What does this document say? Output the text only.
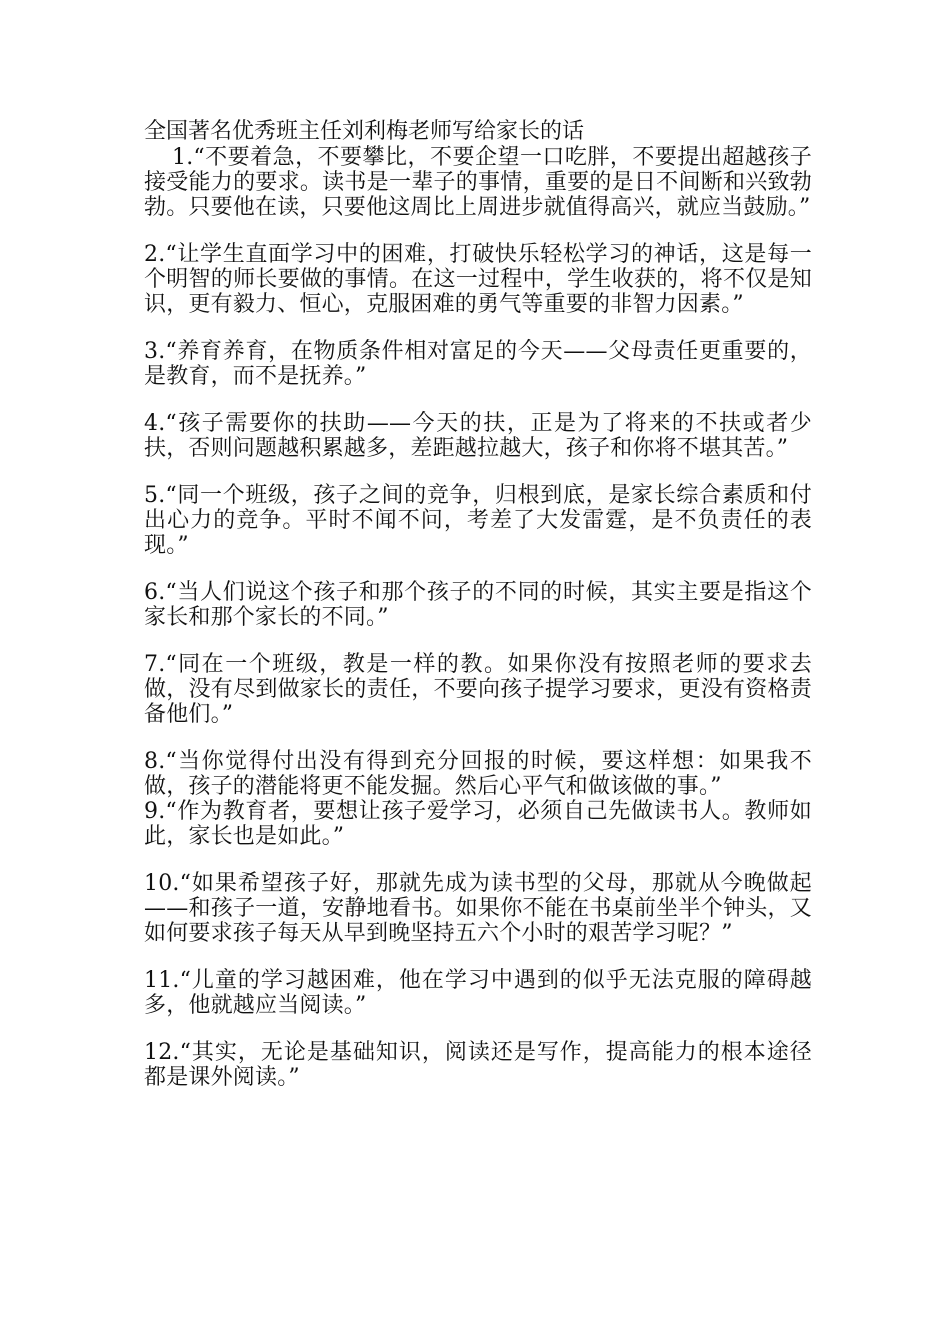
全国著名优秀班主任刘利梅老师写给家长的话

1.“不要着急，不要攀比，不要企望一口吃胖，不要提出超越孩子接受能力的要求。读书是一辈子的事情，重要的是日不间断和兴致勃勃。只要他在读，只要他这周比上周进步就值得高兴，就应当鼓励。”

2.“让学生直面学习中的困难，打破快乐轻松学习的神话，这是每一个明智的师长要做的事情。在这一过程中，学生收获的，将不仅是知识，更有毅力、恒心，克服困难的勇气等重要的非智力因素。”

3.“养育养育，在物质条件相对富足的今天——父母责任更重要的，是教育，而不是抚养。”

4.“孩子需要你的扶助——今天的扶，正是为了将来的不扶或者少扶，否则问题越积累越多，差距越拉越大，孩子和你将不堪其苦。”

5.“同一个班级，孩子之间的竞争，归根到底，是家长综合素质和付出心力的竞争。平时不闻不问，考差了大发雷霆，是不负责任的表现。”

6.“当人们说这个孩子和那个孩子的不同的时候，其实主要是指这个家长和那个家长的不同。”

7.“同在一个班级，教是一样的教。如果你没有按照老师的要求去做，没有尽到做家长的责任，不要向孩子提学习要求，更没有资格责备他们。”

8.“当你觉得付出没有得到充分回报的时候，要这样想：如果我不做，孩子的潜能将更不能发掘。然后心平气和做该做的事。”

9.“作为教育者，要想让孩子爱学习，必须自己先做读书人。教师如此，家长也是如此。”

10.“如果希望孩子好，那就先成为读书型的父母，那就从今晚做起——和孩子一道，安静地看书。如果你不能在书桌前坐半个钟头，又如何要求孩子每天从早到晚坚持五六个小时的艰苦学习呢？”

11.“儿童的学习越困难，他在学习中遇到的似乎无法克服的障碍越多，他就越应当阅读。”

12.“其实，无论是基础知识，阅读还是写作，提高能力的根本途径都是课外阅读。”
